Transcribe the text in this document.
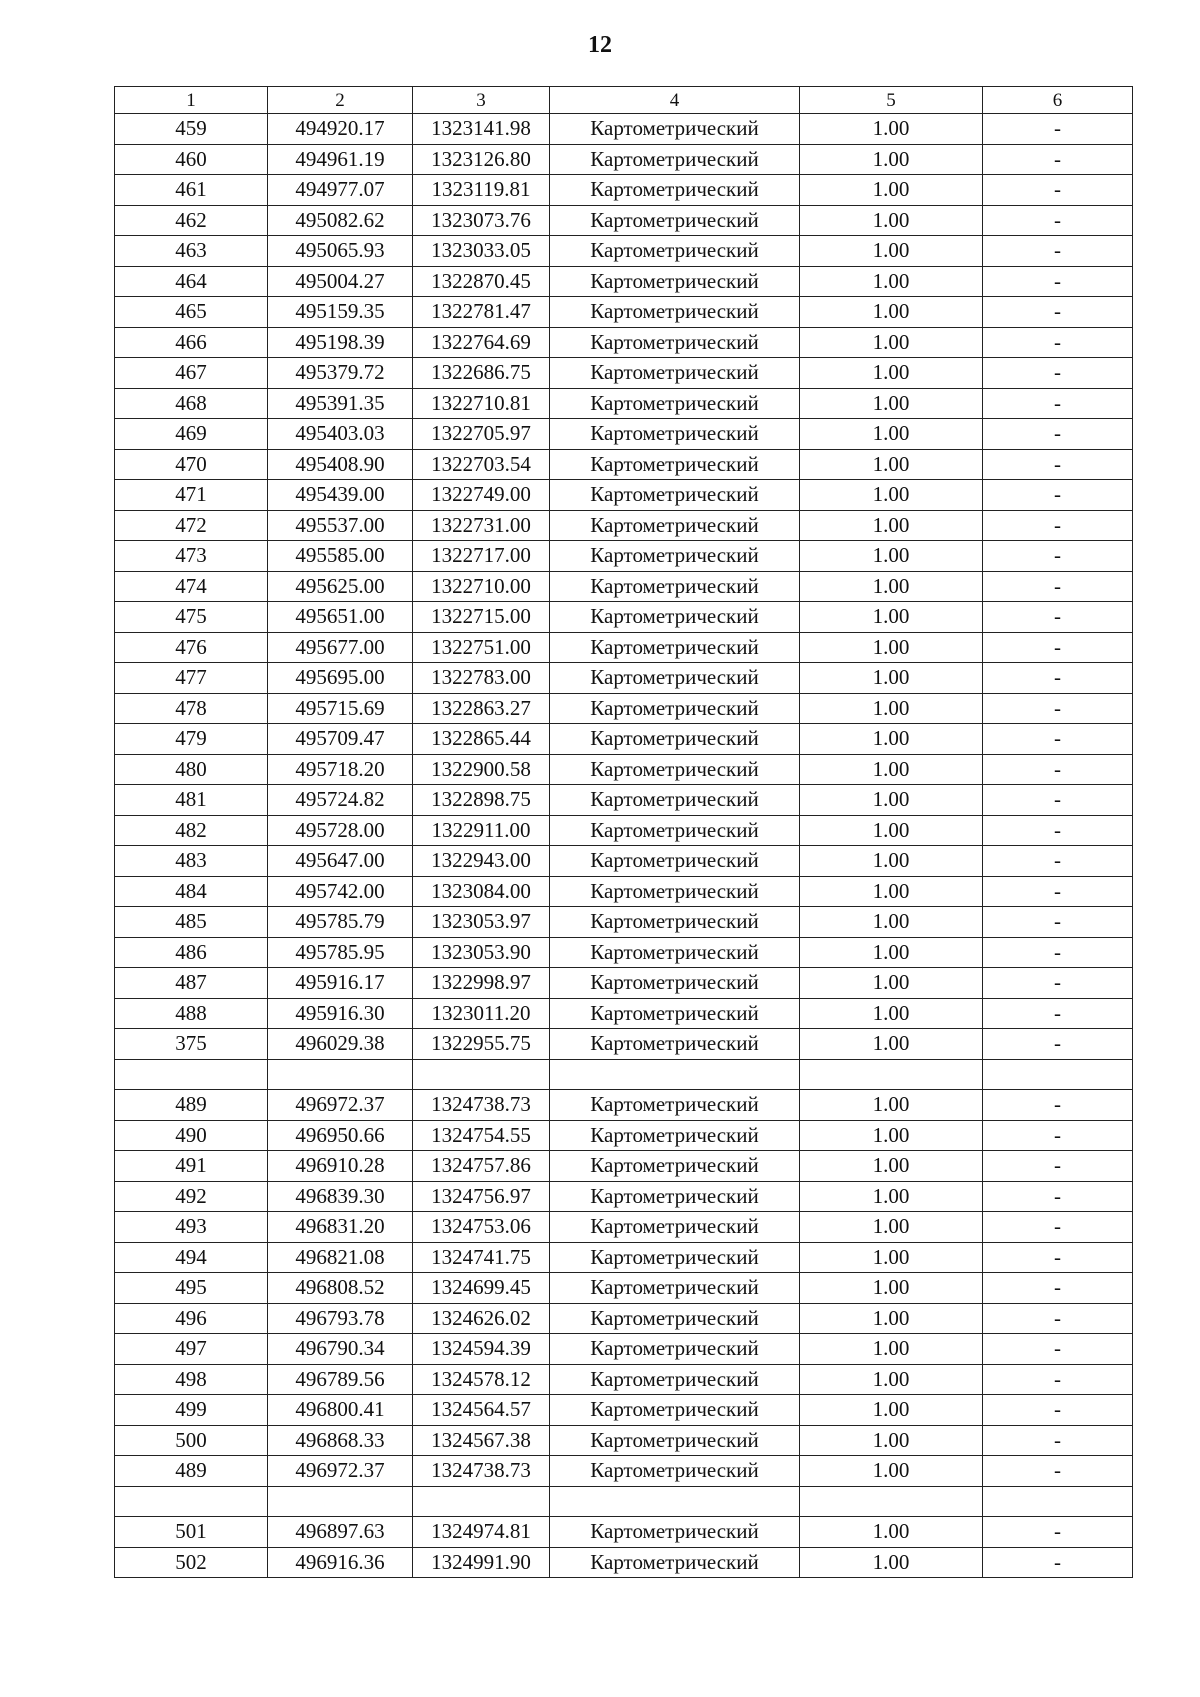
12
1	2	3	4	5	6
459	494920.17	1323141.98	Картометрический	1.00	-
460	494961.19	1323126.80	Картометрический	1.00	-
461	494977.07	1323119.81	Картометрический	1.00	-
462	495082.62	1323073.76	Картометрический	1.00	-
463	495065.93	1323033.05	Картометрический	1.00	-
464	495004.27	1322870.45	Картометрический	1.00	-
465	495159.35	1322781.47	Картометрический	1.00	-
466	495198.39	1322764.69	Картометрический	1.00	-
467	495379.72	1322686.75	Картометрический	1.00	-
468	495391.35	1322710.81	Картометрический	1.00	-
469	495403.03	1322705.97	Картометрический	1.00	-
470	495408.90	1322703.54	Картометрический	1.00	-
471	495439.00	1322749.00	Картометрический	1.00	-
472	495537.00	1322731.00	Картометрический	1.00	-
473	495585.00	1322717.00	Картометрический	1.00	-
474	495625.00	1322710.00	Картометрический	1.00	-
475	495651.00	1322715.00	Картометрический	1.00	-
476	495677.00	1322751.00	Картометрический	1.00	-
477	495695.00	1322783.00	Картометрический	1.00	-
478	495715.69	1322863.27	Картометрический	1.00	-
479	495709.47	1322865.44	Картометрический	1.00	-
480	495718.20	1322900.58	Картометрический	1.00	-
481	495724.82	1322898.75	Картометрический	1.00	-
482	495728.00	1322911.00	Картометрический	1.00	-
483	495647.00	1322943.00	Картометрический	1.00	-
484	495742.00	1323084.00	Картометрический	1.00	-
485	495785.79	1323053.97	Картометрический	1.00	-
486	495785.95	1323053.90	Картометрический	1.00	-
487	495916.17	1322998.97	Картометрический	1.00	-
488	495916.30	1323011.20	Картометрический	1.00	-
375	496029.38	1322955.75	Картометрический	1.00	-

489	496972.37	1324738.73	Картометрический	1.00	-
490	496950.66	1324754.55	Картометрический	1.00	-
491	496910.28	1324757.86	Картометрический	1.00	-
492	496839.30	1324756.97	Картометрический	1.00	-
493	496831.20	1324753.06	Картометрический	1.00	-
494	496821.08	1324741.75	Картометрический	1.00	-
495	496808.52	1324699.45	Картометрический	1.00	-
496	496793.78	1324626.02	Картометрический	1.00	-
497	496790.34	1324594.39	Картометрический	1.00	-
498	496789.56	1324578.12	Картометрический	1.00	-
499	496800.41	1324564.57	Картометрический	1.00	-
500	496868.33	1324567.38	Картометрический	1.00	-
489	496972.37	1324738.73	Картометрический	1.00	-

501	496897.63	1324974.81	Картометрический	1.00	-
502	496916.36	1324991.90	Картометрический	1.00	-
